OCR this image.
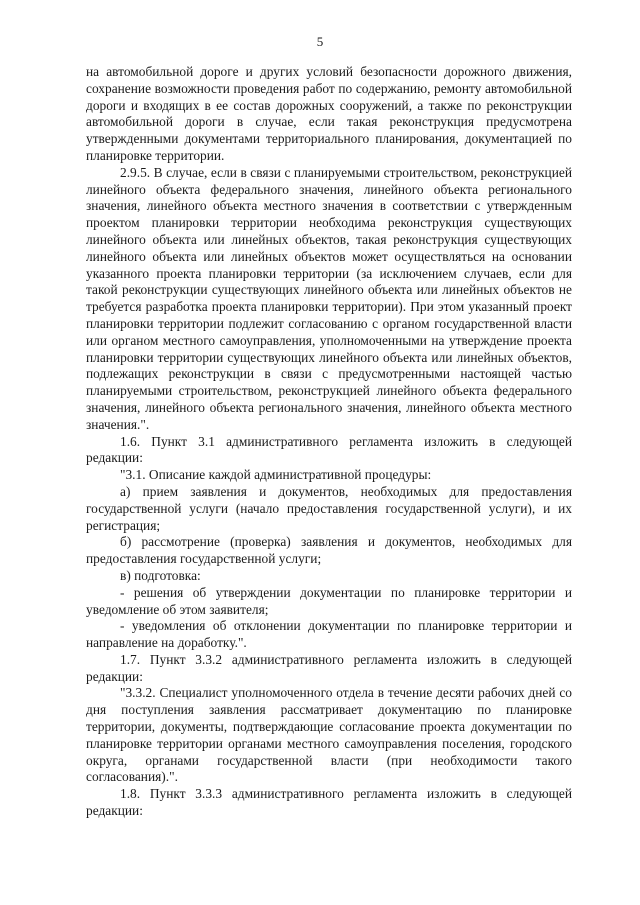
5

на автомобильной дороге и других условий безопасности дорожного движения, сохранение возможности проведения работ по содержанию, ремонту автомобильной дороги и входящих в ее состав дорожных сооружений, а также по реконструкции автомобильной дороги в случае, если такая реконструкция предусмотрена утвержденными документами территориального планирования, документацией по планировке территории.

2.9.5. В случае, если в связи с планируемыми строительством, реконструкцией линейного объекта федерального значения, линейного объекта регионального значения, линейного объекта местного значения в соответствии с утвержденным проектом планировки территории необходима реконструкция существующих линейного объекта или линейных объектов, такая реконструкция существующих линейного объекта или линейных объектов может осуществляться на основании указанного проекта планировки территории (за исключением случаев, если для такой реконструкции существующих линейного объекта или линейных объектов не требуется разработка проекта планировки территории). При этом указанный проект планировки территории подлежит согласованию с органом государственной власти или органом местного самоуправления, уполномоченными на утверждение проекта планировки территории существующих линейного объекта или линейных объектов, подлежащих реконструкции в связи с предусмотренными настоящей частью планируемыми строительством, реконструкцией линейного объекта федерального значения, линейного объекта регионального значения, линейного объекта местного значения.".

1.6. Пункт 3.1 административного регламента изложить в следующей редакции:

"3.1. Описание каждой административной процедуры:

а) прием заявления и документов, необходимых для предоставления государственной услуги (начало предоставления государственной услуги), и их регистрация;

б) рассмотрение (проверка) заявления и документов, необходимых для предоставления государственной услуги;

в) подготовка:

- решения об утверждении документации по планировке территории и уведомление об этом заявителя;

- уведомления об отклонении документации по планировке территории и направление на доработку.".

1.7. Пункт 3.3.2 административного регламента изложить в следующей редакции:

"3.3.2. Специалист уполномоченного отдела в течение десяти рабочих дней со дня поступления заявления рассматривает документацию по планировке территории, документы, подтверждающие согласование проекта документации по планировке территории органами местного самоуправления поселения, городского округа, органами государственной власти (при необходимости такого согласования).".

1.8. Пункт 3.3.3 административного регламента изложить в следующей редакции:
